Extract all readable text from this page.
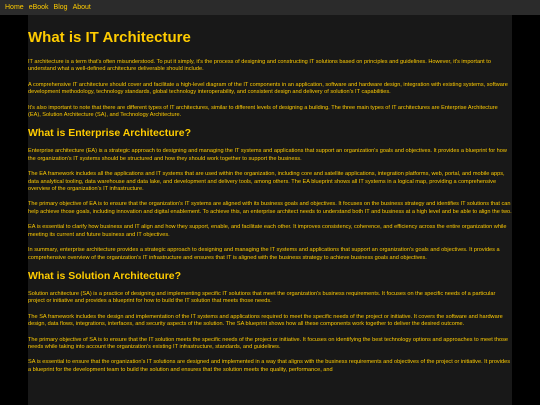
Home eBook Blog About
What is IT Architecture

IT architecture is a term that's often misunderstood. To put it simply, it's the process of designing and constructing IT solutions based on principles and guidelines. However, it's important to understand what a well-defined architecture deliverable should include.

A comprehensive IT architecture should cover and facilitate a high-level diagram of the IT components in an application, software and hardware design, integration with existing systems, software development methodology, technology standards, global technology interoperability, and consistent design and delivery of solution's IT capabilities.

It's also important to note that there are different types of IT architectures, similar to different levels of designing a building. The three main types of IT architectures are Enterprise Architecture (EA), Solution Architecture (SA), and Technology Architecture.

What is Enterprise Architecture?

Enterprise architecture (EA) is a strategic approach to designing and managing the IT systems and applications that support an organization's goals and objectives. It provides a blueprint for how the organization's IT systems should be structured and how they should work together to support the business.

The EA framework includes all the applications and IT systems that are used within the organization, including core and satellite applications, integration platforms, web, portal, and mobile apps, data analytical tooling, data warehouse and data lake, and development and delivery tools, among others. The EA blueprint shows all IT systems in a logical map, providing a comprehensive overview of the organization's IT infrastructure.

The primary objective of EA is to ensure that the organization's IT systems are aligned with its business goals and objectives. It focuses on the business strategy and identifies IT solutions that can help achieve those goals, including innovation and digital enablement. To achieve this, an enterprise architect needs to understand both IT and business at a high level and be able to align the two.

EA is essential to clarify how business and IT align and how they support, enable, and facilitate each other. It improves consistency, coherence, and efficiency across the entire organization while meeting its current and future business and IT objectives.

In summary, enterprise architecture provides a strategic approach to designing and managing the IT systems and applications that support an organization's goals and objectives. It provides a comprehensive overview of the organization's IT infrastructure and ensures that IT is aligned with the business strategy to achieve business goals and objectives.

What is Solution Architecture?

Solution architecture (SA) is a practice of designing and implementing specific IT solutions that meet the organization's business requirements. It focuses on the specific needs of a particular project or initiative and provides a blueprint for how to build the IT solution that meets those needs.

The SA framework includes the design and implementation of the IT systems and applications required to meet the specific needs of the project or initiative. It covers the software and hardware design, data flows, integrations, interfaces, and security aspects of the solution. The SA blueprint shows how all these components work together to deliver the desired outcome.

The primary objective of SA is to ensure that the IT solution meets the specific needs of the project or initiative. It focuses on identifying the best technology options and approaches to meet those needs while taking into account the organization's existing IT infrastructure, standards, and guidelines.

SA is essential to ensure that the organization's IT solutions are designed and implemented in a way that aligns with the business requirements and objectives of the project or initiative. It provides a blueprint for the development team to build the solution and ensures that the solution meets the quality, performance, and
